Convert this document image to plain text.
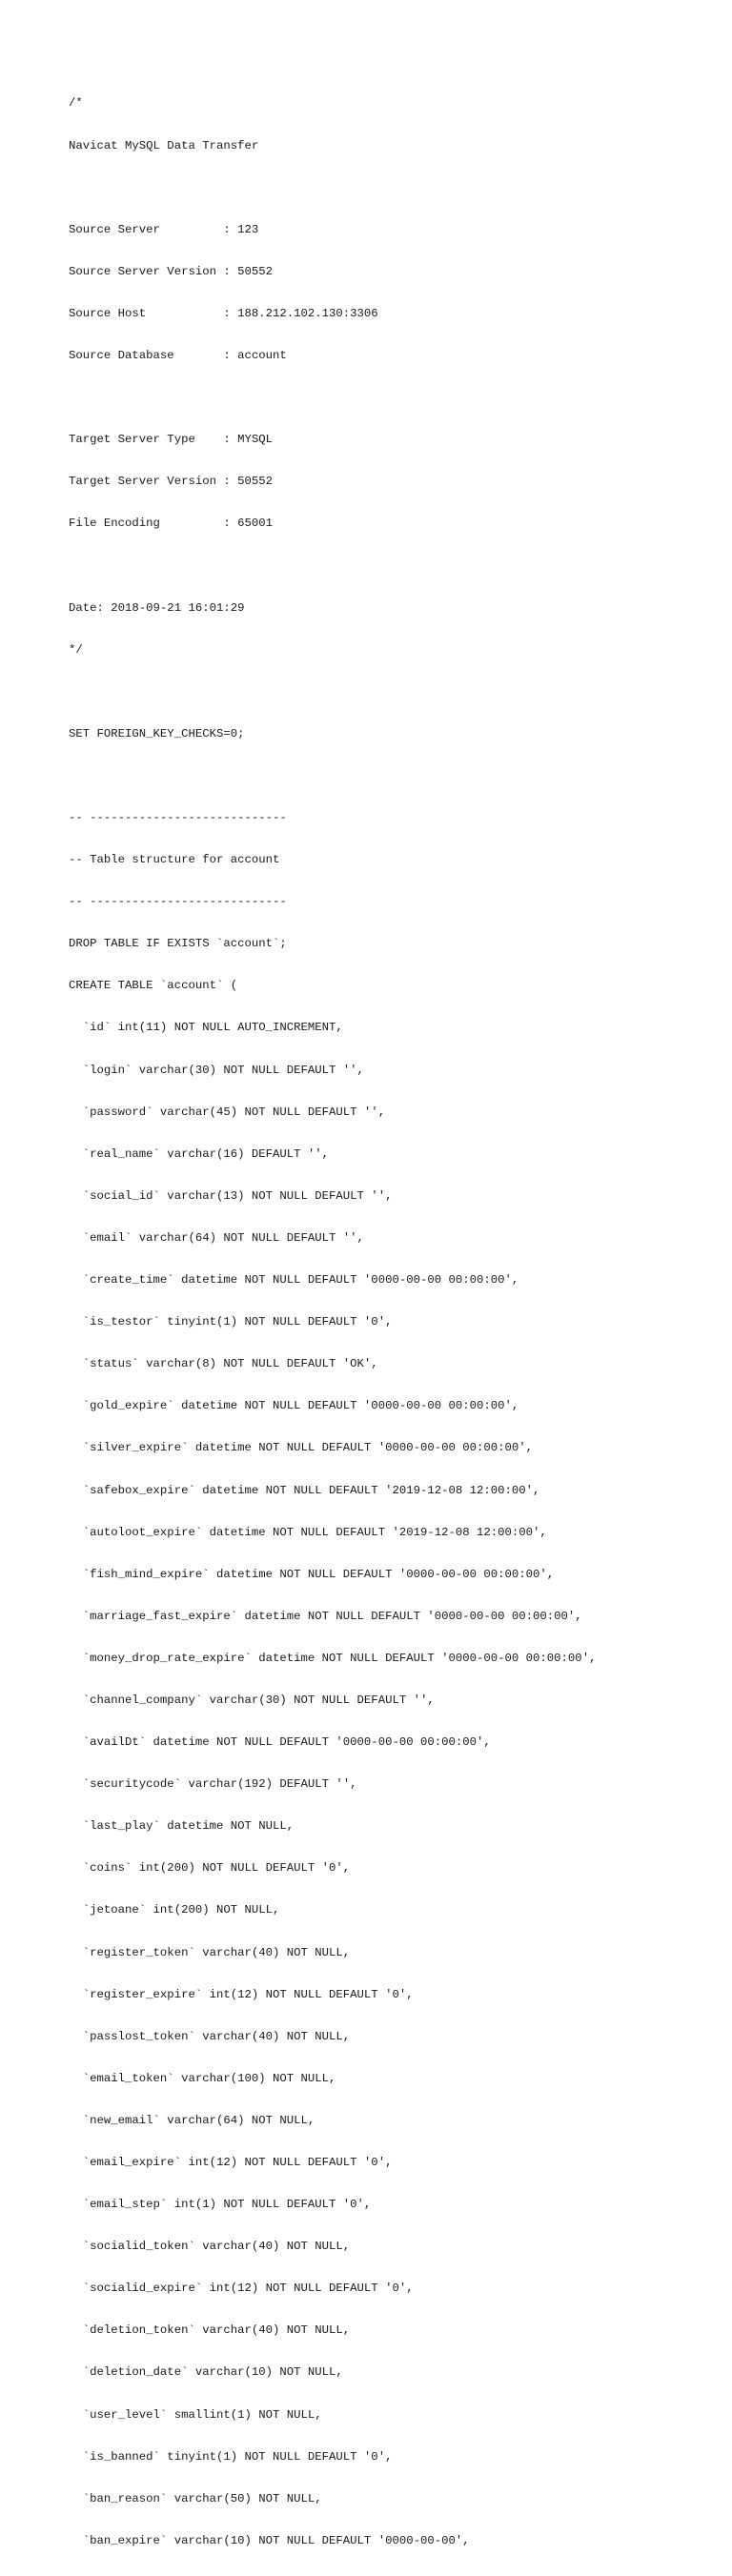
/*

Navicat MySQL Data Transfer

Source Server         : 123

Source Server Version : 50552

Source Host           : 188.212.102.130:3306

Source Database       : account

Target Server Type    : MYSQL

Target Server Version : 50552

File Encoding         : 65001

Date: 2018-09-21 16:01:29

*/

SET FOREIGN_KEY_CHECKS=0;

-- ----------------------------

-- Table structure for account

-- ----------------------------

DROP TABLE IF EXISTS `account`;

CREATE TABLE `account` (

`id` int(11) NOT NULL AUTO_INCREMENT,

`login` varchar(30) NOT NULL DEFAULT '',

`password` varchar(45) NOT NULL DEFAULT '',

`real_name` varchar(16) DEFAULT '',

`social_id` varchar(13) NOT NULL DEFAULT '',

`email` varchar(64) NOT NULL DEFAULT '',

`create_time` datetime NOT NULL DEFAULT '0000-00-00 00:00:00',

`is_testor` tinyint(1) NOT NULL DEFAULT '0',

`status` varchar(8) NOT NULL DEFAULT 'OK',

`gold_expire` datetime NOT NULL DEFAULT '0000-00-00 00:00:00',

`silver_expire` datetime NOT NULL DEFAULT '0000-00-00 00:00:00',

`safebox_expire` datetime NOT NULL DEFAULT '2019-12-08 12:00:00',

`autoloot_expire` datetime NOT NULL DEFAULT '2019-12-08 12:00:00',

`fish_mind_expire` datetime NOT NULL DEFAULT '0000-00-00 00:00:00',

`marriage_fast_expire` datetime NOT NULL DEFAULT '0000-00-00 00:00:00',

`money_drop_rate_expire` datetime NOT NULL DEFAULT '0000-00-00 00:00:00',

`channel_company` varchar(30) NOT NULL DEFAULT '',

`availDt` datetime NOT NULL DEFAULT '0000-00-00 00:00:00',

`securitycode` varchar(192) DEFAULT '',

`last_play` datetime NOT NULL,

`coins` int(200) NOT NULL DEFAULT '0',

`jetoane` int(200) NOT NULL,

`register_token` varchar(40) NOT NULL,

`register_expire` int(12) NOT NULL DEFAULT '0',

`passlost_token` varchar(40) NOT NULL,

`email_token` varchar(100) NOT NULL,

`new_email` varchar(64) NOT NULL,

`email_expire` int(12) NOT NULL DEFAULT '0',

`email_step` int(1) NOT NULL DEFAULT '0',

`socialid_token` varchar(40) NOT NULL,

`socialid_expire` int(12) NOT NULL DEFAULT '0',

`deletion_token` varchar(40) NOT NULL,

`deletion_date` varchar(10) NOT NULL,

`user_level` smallint(1) NOT NULL,

`is_banned` tinyint(1) NOT NULL DEFAULT '0',

`ban_reason` varchar(50) NOT NULL,

`ban_expire` varchar(10) NOT NULL DEFAULT '0000-00-00',
